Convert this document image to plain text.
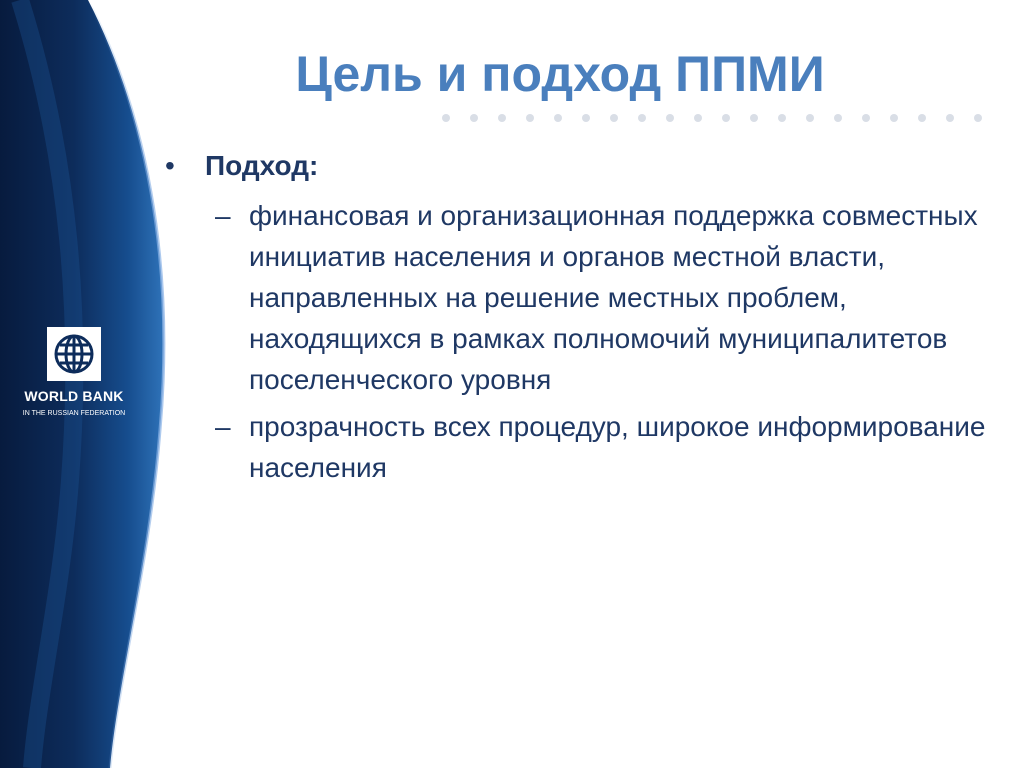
WORLD BANK
IN THE RUSSIAN FEDERATION
Цель и подход ППМИ
•	Подход:
– финансовая и организационная поддержка совместных инициатив населения и органов местной власти, направленных на решение местных проблем, находящихся в рамках полномочий муниципалитетов поселенческого уровня
– прозрачность всех процедур, широкое информирование населения
